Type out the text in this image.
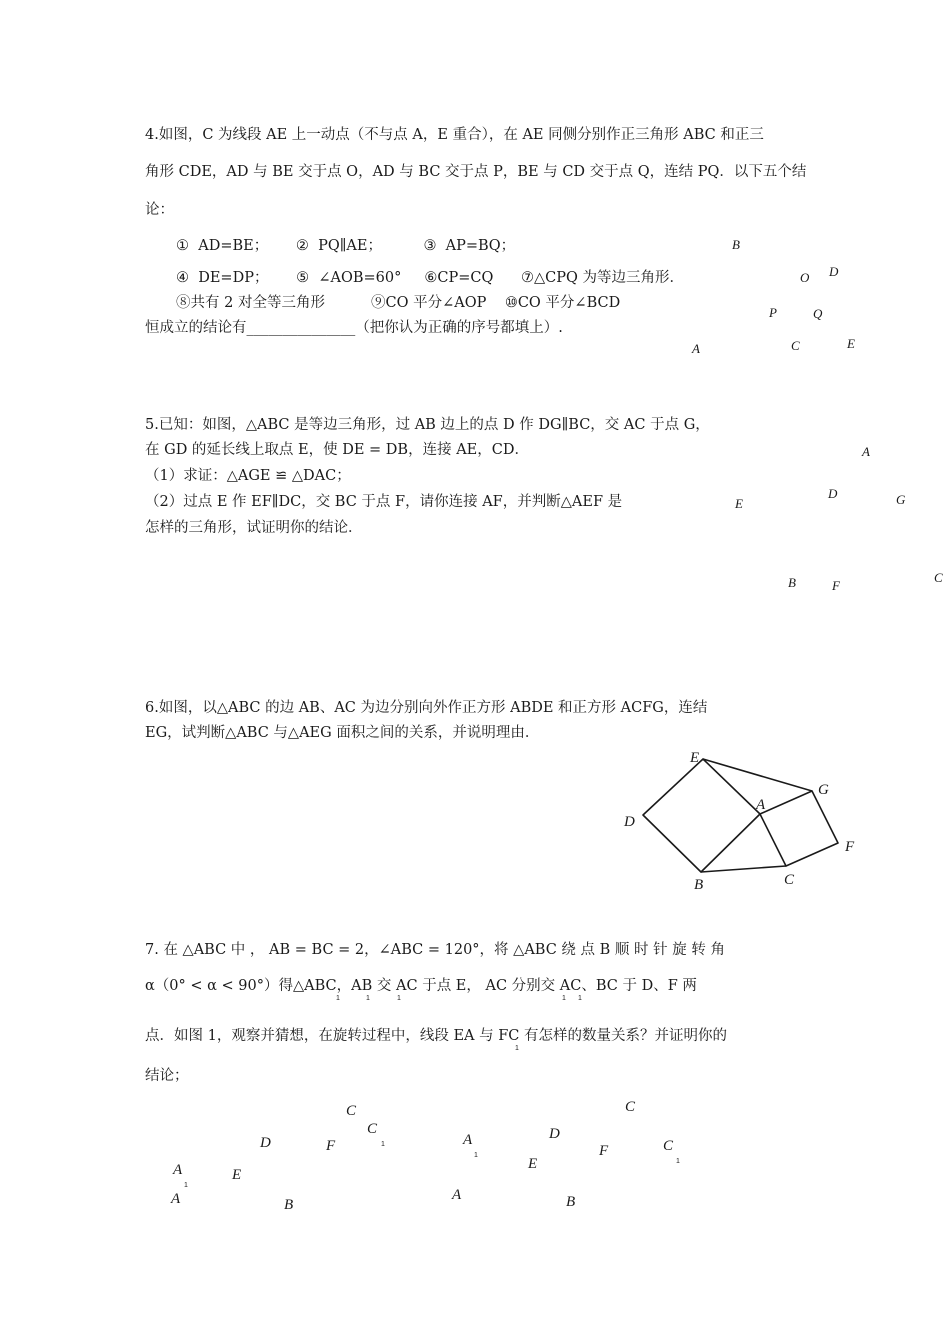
4.如图，C 为线段 AE 上一动点（不与点 A，E 重合），在 AE 同侧分别作正三角形 ABC 和正三
角形 CDE，AD 与 BE 交于点 O，AD 与 BC 交于点 P，BE 与 CD 交于点 Q，连结 PQ．以下五个结
论：
①  AD=BE；      ②  PQ∥AE；         ③  AP=BQ；
④  DE=DP；      ⑤  ∠AOB=60°     ⑥CP=CQ      ⑦△CPQ 为等边三角形．
⑧共有 2 对全等三角形          ⑨CO 平分∠AOP    ⑩CO 平分∠BCD
恒成立的结论有_______________（把你认为正确的序号都填上）.
B
O D
P	Q
A	C	E
5.已知：如图，△ABC 是等边三角形，过 AB 边上的点 D 作 DG∥BC，交 AC 于点 G，
在 GD 的延长线上取点 E，使 DE = DB，连接 AE，CD．
（1）求证：△AGE ≌ △DAC；
（2）过点 E 作 EF∥DC，交 BC 于点 F，请你连接 AF，并判断△AEF 是
怎样的三角形，试证明你的结论．
A
D	G
E
B	F
C
6.如图，以△ABC 的边 AB、AC 为边分别向外作正方形 ABDE 和正方形 ACFG，连结
EG，试判断△ABC 与△AEG 面积之间的关系，并说明理由．
E
G
A
D
F
B	C
7. 在 △ABC 中 ， AB = BC = 2，∠ABC = 120°，将 △ABC 绕 点 B 顺 时 针 旋 转 角
α（0° < α < 90°）得△ABC，AB 交 AC 于点 E， AC 分别交 AC、BC 于 D、F 两
1	1	1	1 1
点．如图 1，观察并猜想，在旋转过程中，线段 EA 与 FC 有怎样的数量关系？并证明你的
1
结论；
C
C
1
D	F
A
1
E
A	B
C
D
A
1	F	C
1
E
A	B
